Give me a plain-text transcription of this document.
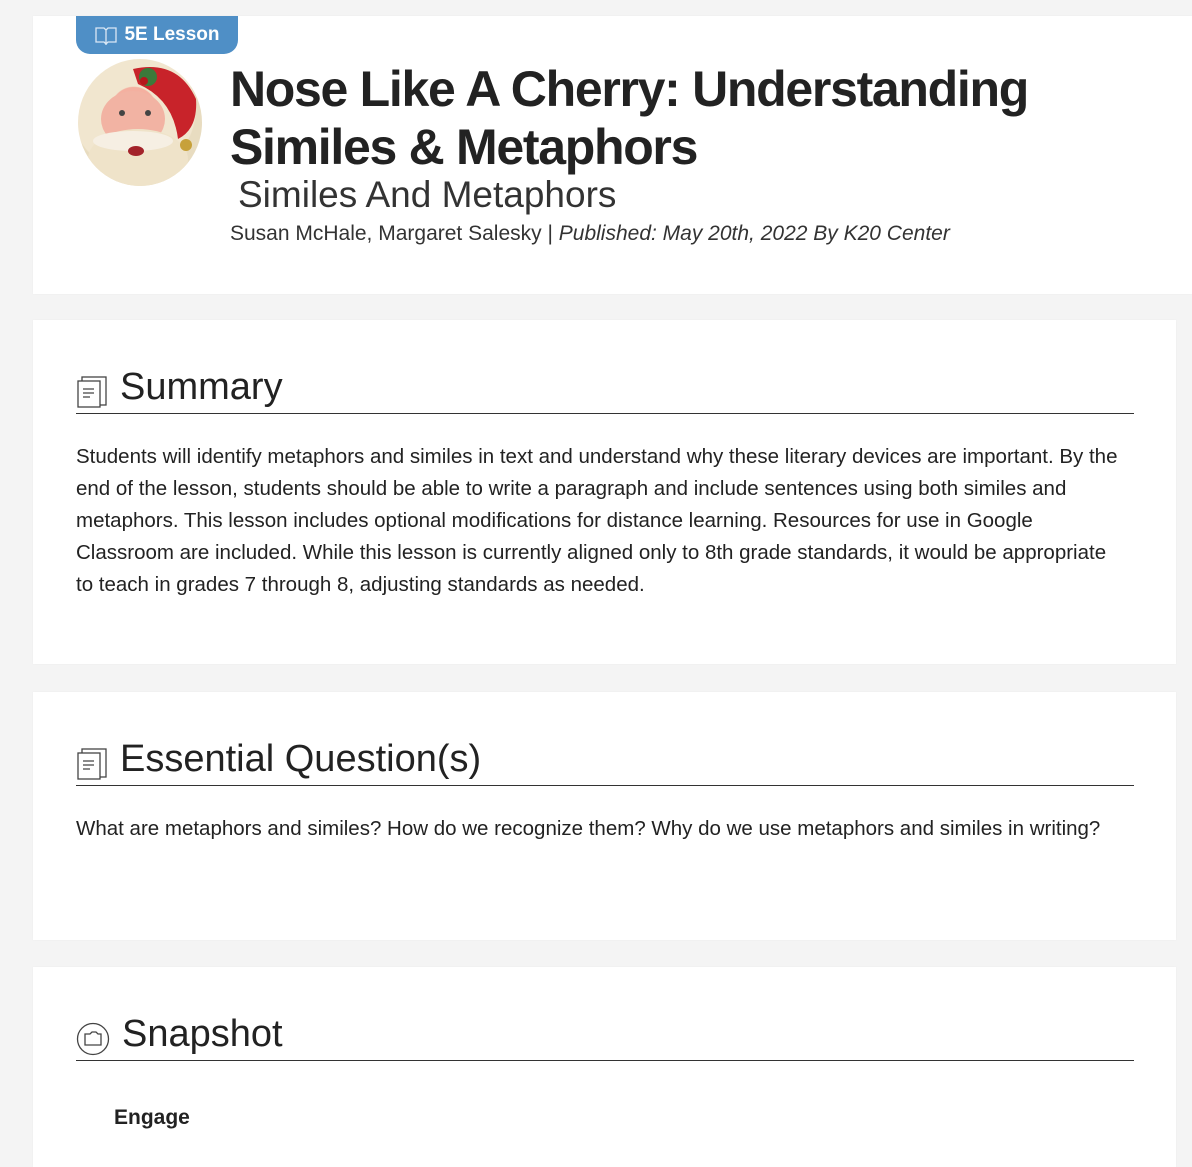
5E Lesson
Nose Like A Cherry: Understanding Similes & Metaphors
Similes And Metaphors
Susan McHale, Margaret Salesky | Published: May 20th, 2022 By K20 Center
Summary
Students will identify metaphors and similes in text and understand why these literary devices are important. By the end of the lesson, students should be able to write a paragraph and include sentences using both similes and metaphors. This lesson includes optional modifications for distance learning. Resources for use in Google Classroom are included. While this lesson is currently aligned only to 8th grade standards, it would be appropriate to teach in grades 7 through 8, adjusting standards as needed.
Essential Question(s)
What are metaphors and similes? How do we recognize them? Why do we use metaphors and similes in writing?
Snapshot
Engage
